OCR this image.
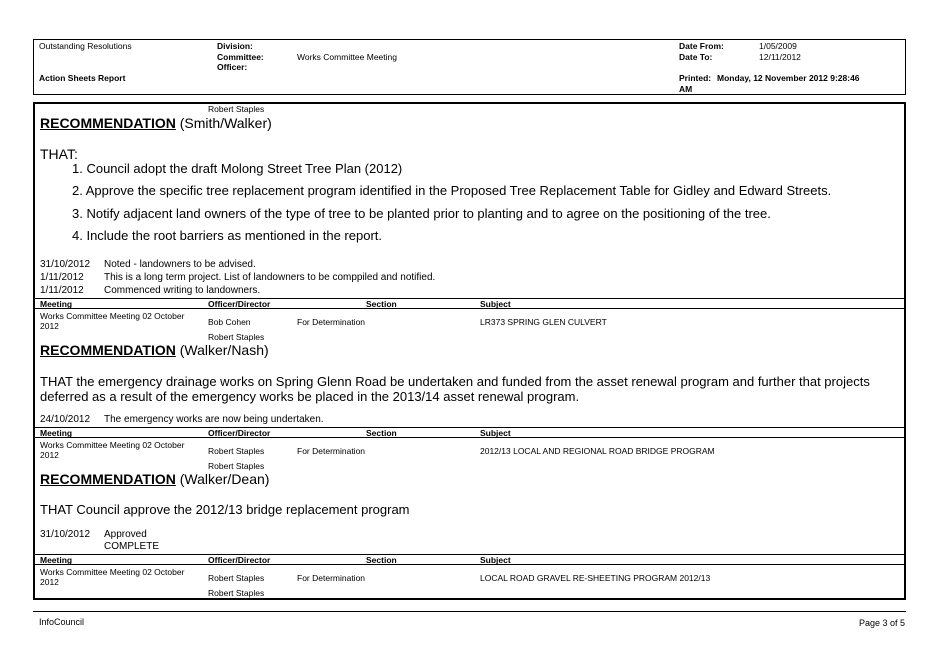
Outstanding Resolutions
Action Sheets Report
Division:
Committee:	Works Committee Meeting
Officer:
Date From:	1/05/2009
Date To:	12/11/2012
Printed: Monday, 12 November 2012 9:28:46
AM
Robert Staples
RECOMMENDATION (Smith/Walker)
THAT:
1. Council adopt the draft Molong Street Tree Plan (2012)
2. Approve the specific tree replacement program identified in the Proposed Tree Replacement Table for Gidley and Edward Streets.
3. Notify adjacent land owners of the type of tree to be planted prior to planting and to agree on the positioning of the tree.
4. Include the root barriers as mentioned in the report.
31/10/2012 Noted - landowners to be advised.
1/11/2012 This is a long term project. List of landowners to be comppiled and notified.
1/11/2012 Commenced writing to landowners.
Meeting	Officer/Director	Section	Subject
Works Committee Meeting 02 October
2012	Bob Cohen	For Determination	LR373 SPRING GLEN CULVERT
Robert Staples
RECOMMENDATION (Walker/Nash)
THAT the emergency drainage works on Spring Glenn Road be undertaken and funded from the asset renewal program and further that projects
deferred as a result of the emergency works be placed in the 2013/14 asset renewal program.
24/10/2012 The emergency works are now being undertaken.
Meeting	Officer/Director	Section	Subject
Works Committee Meeting 02 October
2012	Robert Staples	For Determination	2012/13 LOCAL AND REGIONAL ROAD BRIDGE PROGRAM
Robert Staples
RECOMMENDATION (Walker/Dean)
THAT Council approve the 2012/13 bridge replacement program
31/10/2012 Approved
COMPLETE
Meeting	Officer/Director	Section	Subject
Works Committee Meeting 02 October
2012	Robert Staples	For Determination	LOCAL ROAD GRAVEL RE-SHEETING PROGRAM 2012/13
Robert Staples
InfoCouncil	Page 3 of 5
